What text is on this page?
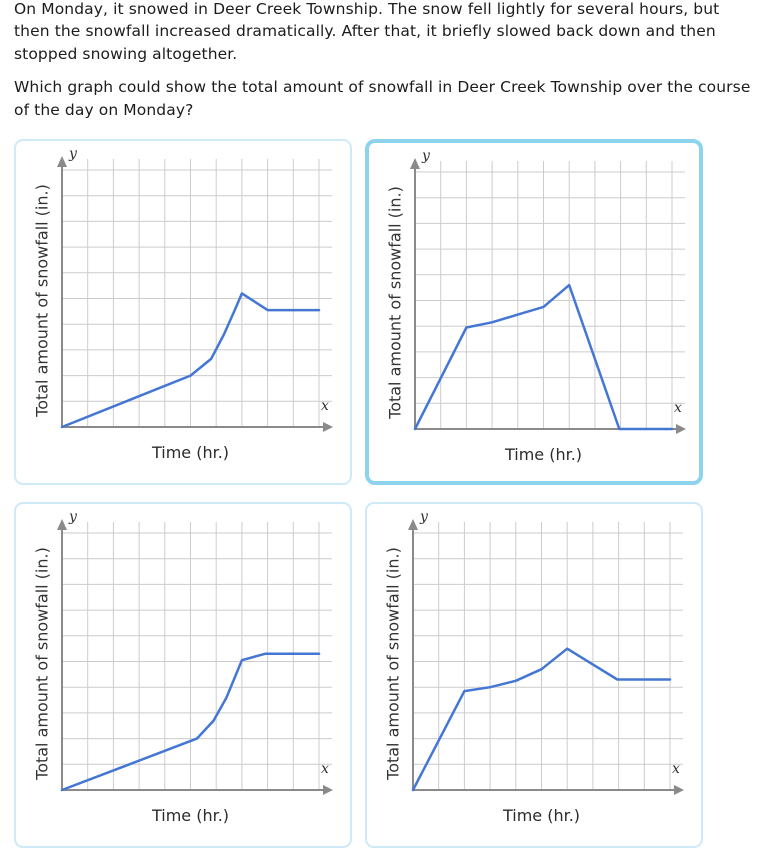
On Monday, it snowed in Deer Creek Township. The snow fell lightly for several hours, but then the snowfall increased dramatically. After that, it briefly slowed back down and then stopped snowing altogether.

Which graph could show the total amount of snowfall in Deer Creek Township over the course of the day on Monday?

Total amount of snowfall (in.)
y
x
Time (hr.)
Total amount of snowfall (in.)
y
x
Time (hr.)
Total amount of snowfall (in.)
y
x
Time (hr.)
Total amount of snowfall (in.)
y
x
Time (hr.)
